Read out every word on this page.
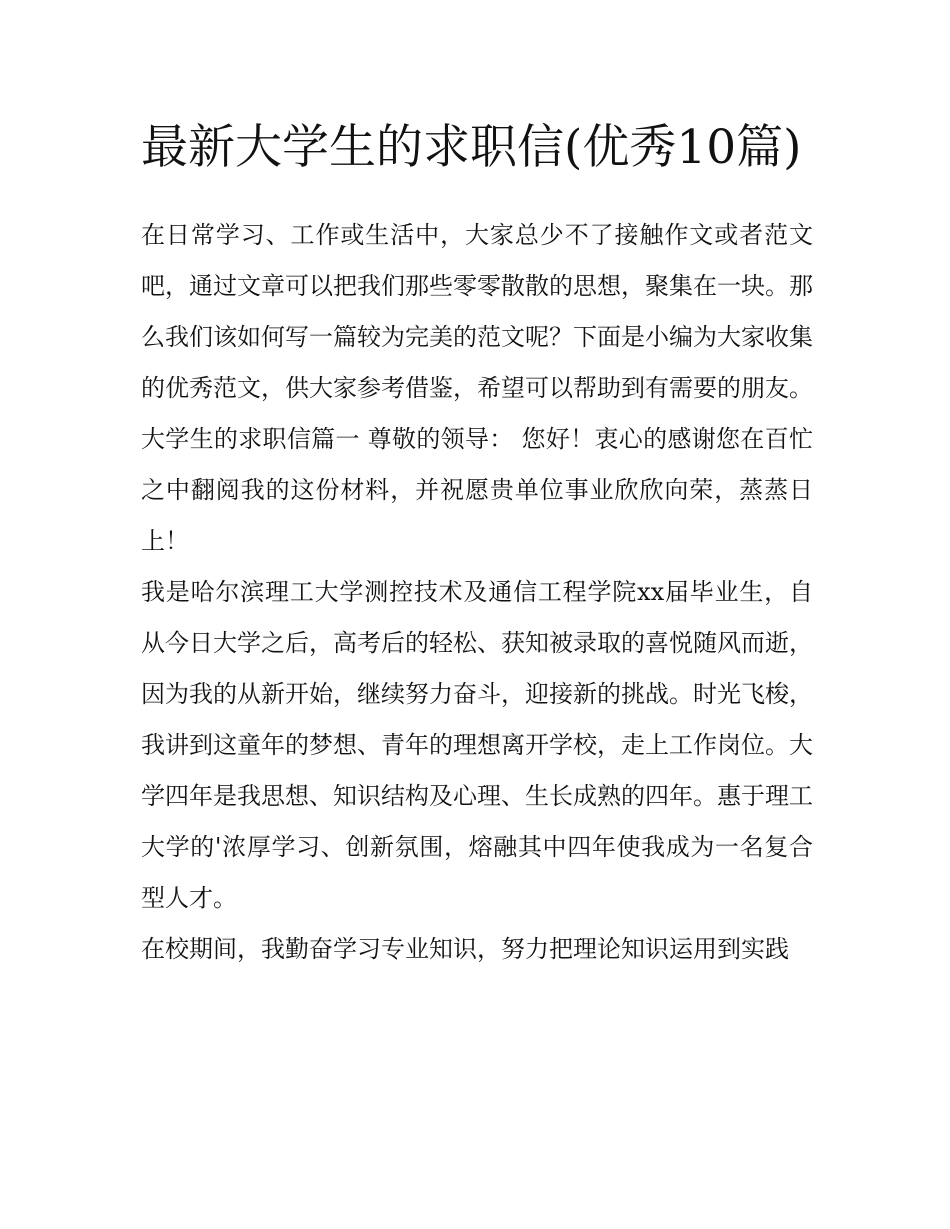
最新大学生的求职信(优秀10篇)

在日常学习、工作或生活中，大家总少不了接触作文或者范文吧，通过文章可以把我们那些零零散散的思想，聚集在一块。那么我们该如何写一篇较为完美的范文呢？下面是小编为大家收集的优秀范文，供大家参考借鉴，希望可以帮助到有需要的朋友。

大学生的求职信篇一 尊敬的领导： 您好！衷心的感谢您在百忙之中翻阅我的这份材料，并祝愿贵单位事业欣欣向荣，蒸蒸日上！

我是哈尔滨理工大学测控技术及通信工程学院xx届毕业生，自从今日大学之后，高考后的轻松、获知被录取的喜悦随风而逝，因为我的从新开始，继续努力奋斗，迎接新的挑战。时光飞梭，我讲到这童年的梦想、青年的理想离开学校，走上工作岗位。大学四年是我思想、知识结构及心理、生长成熟的四年。惠于理工大学的'浓厚学习、创新氛围，熔融其中四年使我成为一名复合型人才。

在校期间，我勤奋学习专业知识，努力把理论知识运用到实践
